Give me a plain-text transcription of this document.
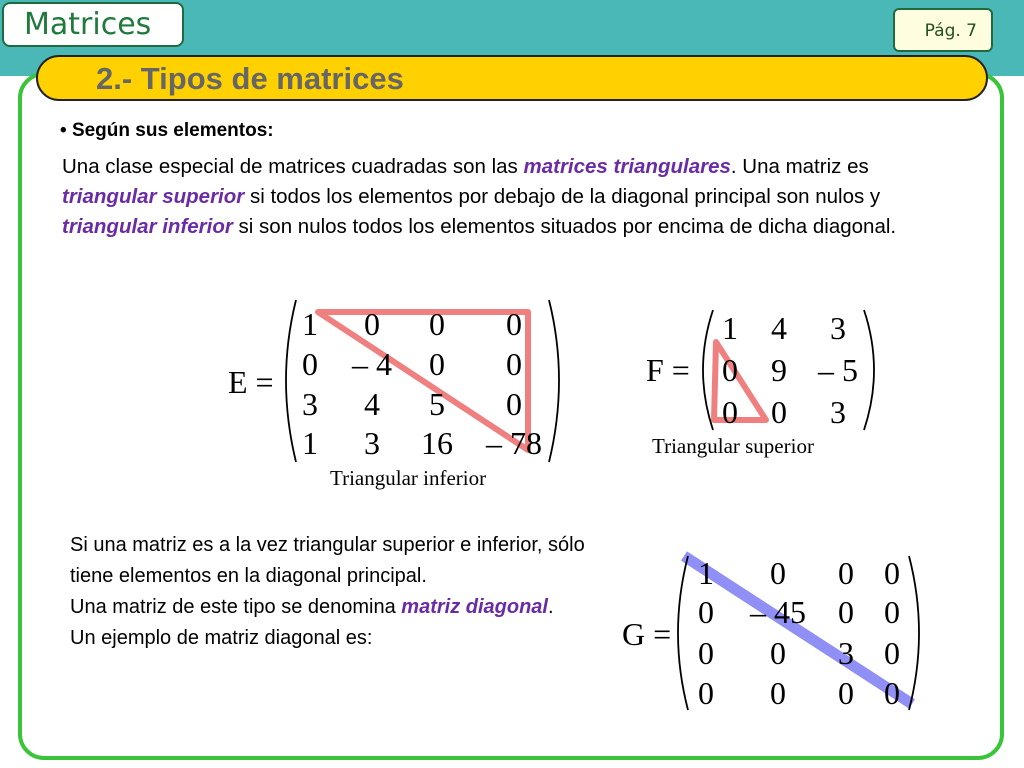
Matrices	Pág. 7
2.- Tipos de matrices
• Según sus elementos:
Una clase especial de matrices cuadradas son las matrices triangulares. Una matriz es triangular superior si todos los elementos por debajo de la diagonal principal son nulos y triangular inferior si son nulos todos los elementos situados por encima de dicha diagonal.
E =
1 0 0 0
0 – 4 0 0
3 4 5 0
1 3 16 – 78
Triangular inferior
F =
1 4 3
0 9 – 5
0 0 3
Triangular superior
Si una matriz es a la vez triangular superior e inferior, sólo tiene elementos en la diagonal principal.
Una matriz de este tipo se denomina matriz diagonal.
Un ejemplo de matriz diagonal es:	G =
1 0 0 0
0 – 45 0 0
0 0 3 0
0 0 0 0
